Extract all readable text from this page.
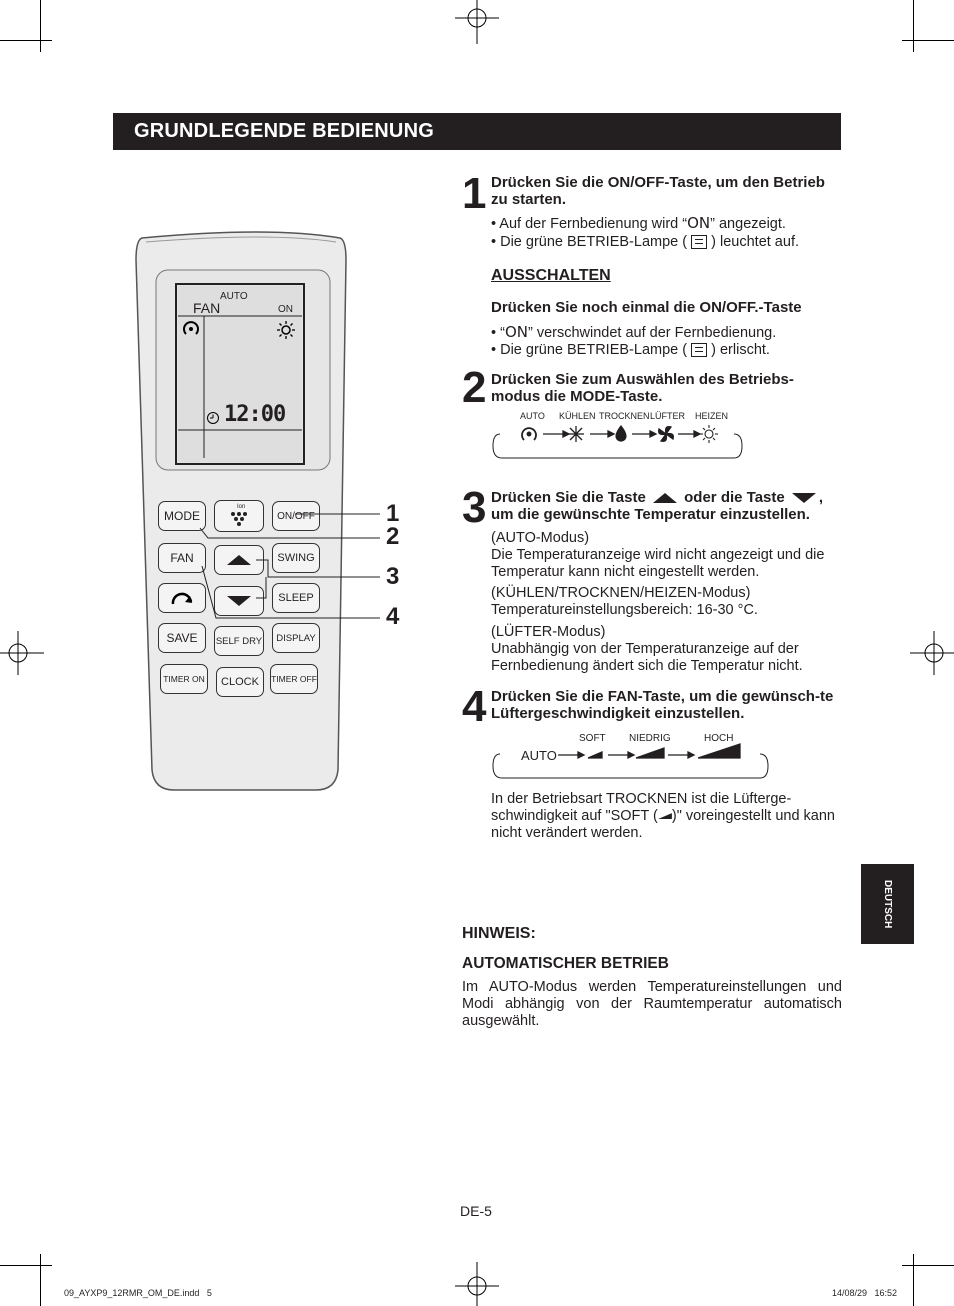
GRUNDLEGENDE BEDIENUNG
AUTO
FAN	ON
12:00
MODE
Ion
ON/OFF
FAN	SWING
SLEEP
SAVE SELF DRY DISPLAY
TIMER ON CLOCK TIMER OFF
1
2
3
4
1 Drücken Sie die ON/OFF-Taste, um den Betrieb zu starten.
• Auf der Fernbedienung wird “ON” angezeigt.
• Die grüne BETRIEB-Lampe ( ) leuchtet auf.
AUSSCHALTEN
Drücken Sie noch einmal die ON/OFF.-Taste
• “ON” verschwindet auf der Fernbedienung.
• Die grüne BETRIEB-Lampe ( ) erlischt.
2 Drücken Sie zum Auswählen des Betriebs-modus die MODE-Taste.
AUTO KÜHLEN TROCKNEN LÜFTER HEIZEN
3 Drücken Sie die Taste	oder die Taste ,
um die gewünschte Temperatur einzustellen.
(AUTO-Modus)
Die Temperaturanzeige wird nicht angezeigt und die Temperatur kann nicht eingestellt werden.
(KÜHLEN/TROCKNEN/HEIZEN-Modus)
Temperatureinstellungsbereich: 16-30 °C.
(LÜFTER-Modus)
Unabhängig von der Temperaturanzeige auf der Fernbedienung ändert sich die Temperatur nicht.
4 Drücken Sie die FAN-Taste, um die gewünsch-te Lüftergeschwindigkeit einzustellen.
SOFT NIEDRIG	HOCH
AUTO
In der Betriebsart TROCKNEN ist die Lüfterge-schwindigkeit auf "SOFT ( )" voreingestellt und kann nicht verändert werden.
DEUTSCH
HINWEIS:
AUTOMATISCHER BETRIEB
Im AUTO-Modus werden Temperatureinstellungen und Modi abhängig von der Raumtemperatur automatisch ausgewählt.
DE-5
09_AYXP9_12RMR_OM_DE.indd   5	14/08/29   16:52
